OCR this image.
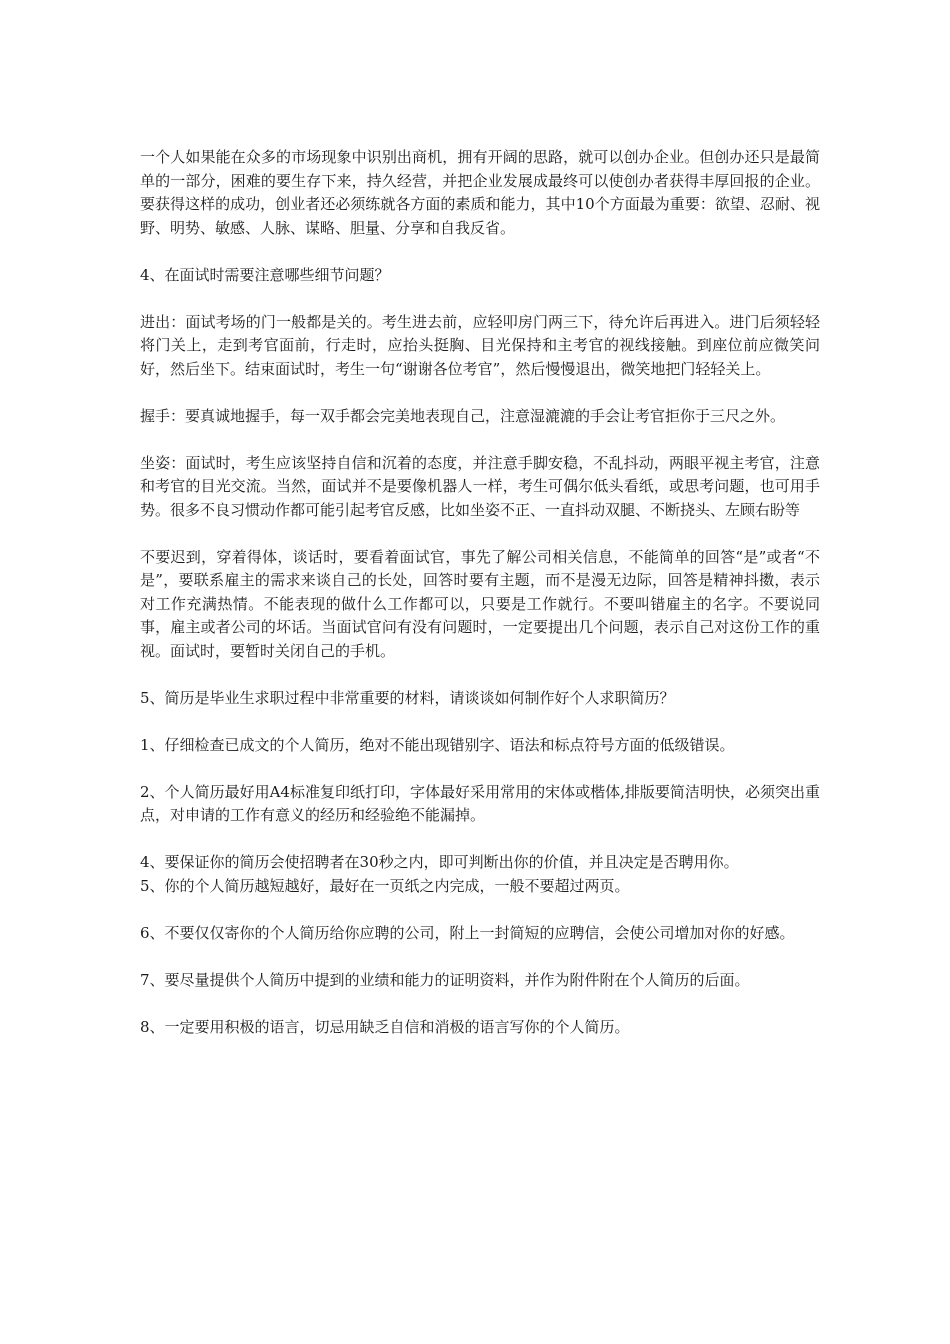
一个人如果能在众多的市场现象中识别出商机，拥有开阔的思路，就可以创办企业。但创办还只是最简单的一部分，困难的要生存下来，持久经营，并把企业发展成最终可以使创办者获得丰厚回报的企业。要获得这样的成功，创业者还必须练就各方面的素质和能力，其中10个方面最为重要：欲望、忍耐、视野、明势、敏感、人脉、谋略、胆量、分享和自我反省。

4、在面试时需要注意哪些细节问题？

进出：面试考场的门一般都是关的。考生进去前，应轻叩房门两三下，待允许后再进入。进门后须轻轻将门关上，走到考官面前，行走时，应抬头挺胸、目光保持和主考官的视线接触。到座位前应微笑问好，然后坐下。结束面试时，考生一句“谢谢各位考官”，然后慢慢退出，微笑地把门轻轻关上。

握手：要真诚地握手，每一双手都会完美地表现自己，注意湿漉漉的手会让考官拒你于三尺之外。

坐姿：面试时，考生应该坚持自信和沉着的态度，并注意手脚安稳，不乱抖动，两眼平视主考官，注意和考官的目光交流。当然，面试并不是要像机器人一样，考生可偶尔低头看纸，或思考问题，也可用手势。很多不良习惯动作都可能引起考官反感，比如坐姿不正、一直抖动双腿、不断挠头、左顾右盼等

不要迟到，穿着得体，谈话时，要看着面试官，事先了解公司相关信息，不能简单的回答“是”或者“不是”，要联系雇主的需求来谈自己的长处，回答时要有主题，而不是漫无边际，回答是精神抖擞，表示对工作充满热情。不能表现的做什么工作都可以，只要是工作就行。不要叫错雇主的名字。不要说同事，雇主或者公司的坏话。当面试官问有没有问题时，一定要提出几个问题，表示自己对这份工作的重视。面试时，要暂时关闭自己的手机。

5、简历是毕业生求职过程中非常重要的材料，请谈谈如何制作好个人求职简历？

1、仔细检查已成文的个人简历，绝对不能出现错别字、语法和标点符号方面的低级错误。

2、个人简历最好用A4标准复印纸打印，字体最好采用常用的宋体或楷体,排版要简洁明快，必须突出重点，对申请的工作有意义的经历和经验绝不能漏掉。

4、要保证你的简历会使招聘者在30秒之内，即可判断出你的价值，并且决定是否聘用你。

5、你的个人简历越短越好，最好在一页纸之内完成，一般不要超过两页。

6、不要仅仅寄你的个人简历给你应聘的公司，附上一封简短的应聘信，会使公司增加对你的好感。

7、要尽量提供个人简历中提到的业绩和能力的证明资料，并作为附件附在个人简历的后面。

8、一定要用积极的语言，切忌用缺乏自信和消极的语言写你的个人简历。
